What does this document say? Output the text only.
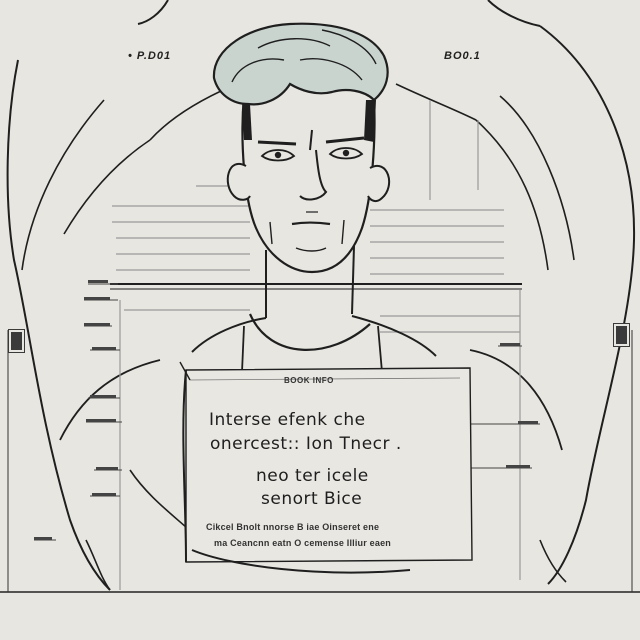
• P.D01	BO0.1
BOOK INFO
Interse efenk che
onercest:: Ion Tnecr .
neo ter icele
senort Bice
Cikcel Bnolt nnorse B iae Oinseret ene
ma Ceancnn eatn O cemense Illiur eaen
